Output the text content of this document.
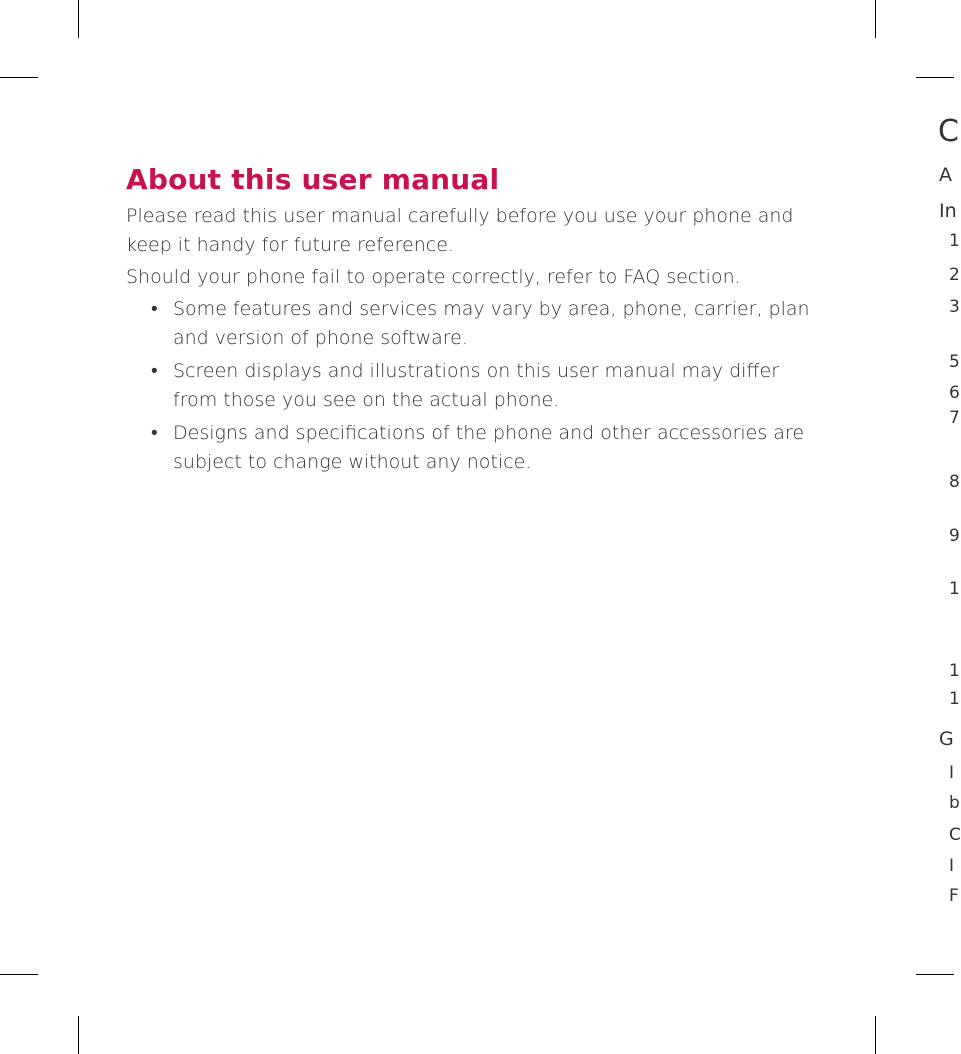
About this user manual

Please read this user manual carefully before you use your phone and keep it handy for future reference.

Should your phone fail to operate correctly, refer to FAQ section.

• Some features and services may vary by area, phone, carrier, plan and version of phone software.
• Screen displays and illustrations on this user manual may differ from those you see on the actual phone.
• Designs and specifications of the phone and other accessories are subject to change without any notice.
C
A
In
1
2
3
5
6
7
8
9
1
1
1
G
I
b
C
I
F
